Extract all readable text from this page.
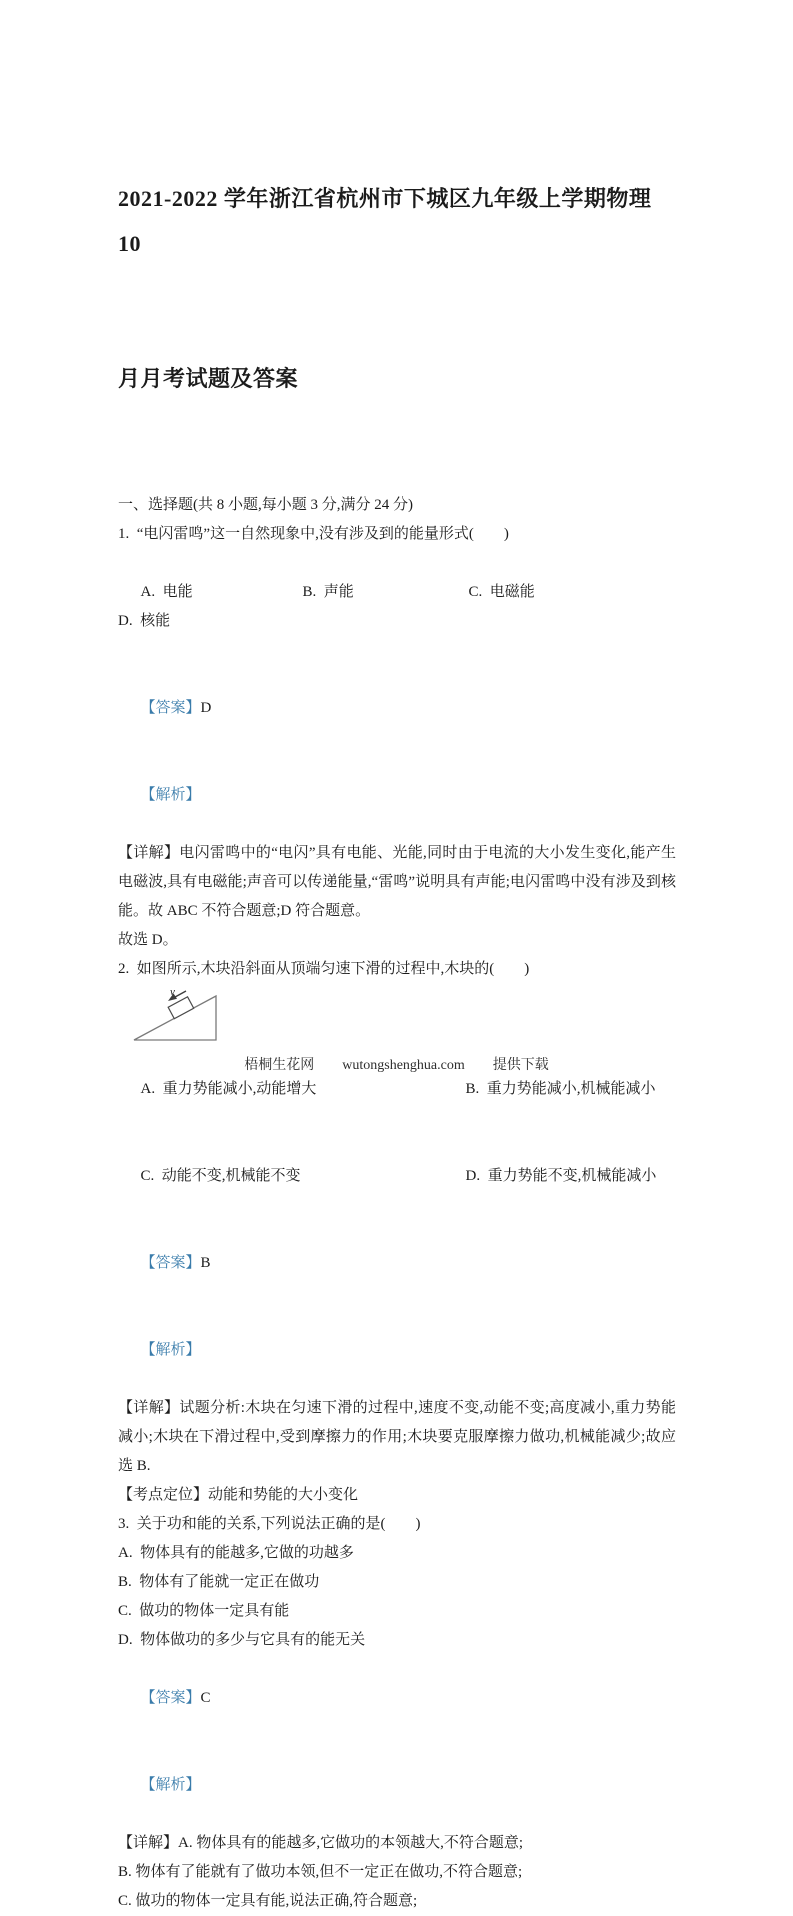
2021-2022 学年浙江省杭州市下城区九年级上学期物理 10

月月考试题及答案

一、选择题(共 8 小题,每小题 3 分,满分 24 分)
1.  “电闪雷鸣”这一自然现象中,没有涉及到的能量形式(　　)

A.  电能	B.  声能	C.  电磁能D.  核能

【答案】D

【解析】

【详解】电闪雷鸣中的“电闪”具有电能、光能,同时由于电流的大小发生变化,能产生电磁波,具有电磁能;声音可以传递能量,“雷鸣”说明具有声能;电闪雷鸣中没有涉及到核能。故 ABC 不符合题意;D 符合题意。
故选 D。
2.  如图所示,木块沿斜面从顶端匀速下滑的过程中,木块的(　　)
v

A.  重力势能减小,动能增大	B.  重力势能减小,机械能减小

C.  动能不变,机械能不变	D.  重力势能不变,机械能减小

【答案】B

【解析】

【详解】试题分析:木块在匀速下滑的过程中,速度不变,动能不变;高度减小,重力势能减小;木块在下滑过程中,受到摩擦力的作用;木块要克服摩擦力做功,机械能减少;故应选 B.
【考点定位】动能和势能的大小变化
3.  关于功和能的关系,下列说法正确的是(　　)
A.  物体具有的能越多,它做的功越多
B.  物体有了能就一定正在做功
C.  做功的物体一定具有能
D.  物体做功的多少与它具有的能无关

【答案】C

【解析】

【详解】A. 物体具有的能越多,它做功的本领越大,不符合题意;
B. 物体有了能就有了做功本领,但不一定正在做功,不符合题意;
C. 做功的物体一定具有能,说法正确,符合题意;
梧桐生花网 wutongshenghua.com 提供下载
